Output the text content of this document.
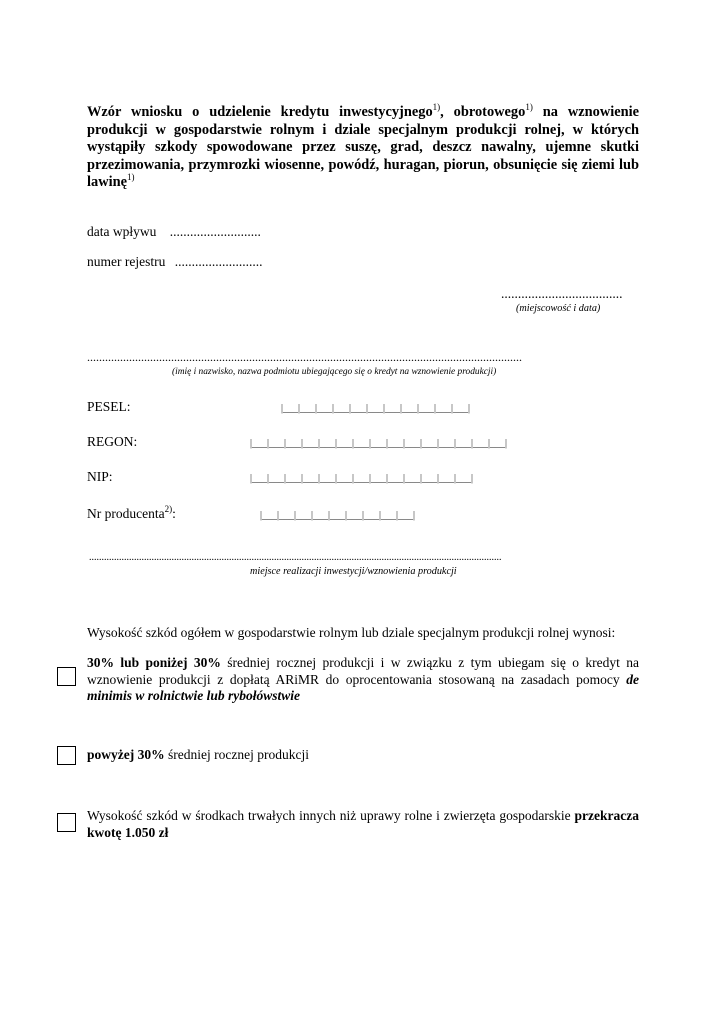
Wzór wniosku o udzielenie kredytu inwestycyjnego$^{1)}$, obrotowego$^{1)}$ na wznowienie produkcji w gospodarstwie rolnym i dziale specjalnym produkcji rolnej, w których wystąpiły szkody spowodowane przez suszę, grad, deszcz nawalny, ujemne skutki przezimowania, przymrozki wiosenne, powódź, huragan, piorun, obsunięcie się ziemi lub lawinę$^{1)}$
data wpływu ...........................
numer rejestru ..........................
....................................
(miejscowość i data)
.................................................................................................................................................
(imię i nazwisko, nazwa podmiotu ubiegającego się o kredyt na wznowienie produkcji)
PESEL:	|___|___|___|___|___|___|___|___|___|___|___|
REGON:	|___|___|___|___|___|___|___|___|___|___|___|___|___|___|___|
NIP:	|___|___|___|___|___|___|___|___|___|___|___|___|___|
Nr producenta$^{2)}$:	|___|___|___|___|___|___|___|___|___|
.....................................................................................................................................................................
miejsce realizacji inwestycji/wznowienia produkcji
Wysokość szkód ogółem w gospodarstwie rolnym lub dziale specjalnym produkcji rolnej wynosi:
30% lub poniżej 30% średniej rocznej produkcji i w związku z tym ubiegam się o kredyt na wznowienie produkcji z dopłatą ARiMR do oprocentowania stosowaną na zasadach pomocy de minimis w rolnictwie lub rybołówstwie
powyżej 30% średniej rocznej produkcji
Wysokość szkód w środkach trwałych innych niż uprawy rolne i zwierzęta gospodarskie przekracza kwotę 1.050 zł
